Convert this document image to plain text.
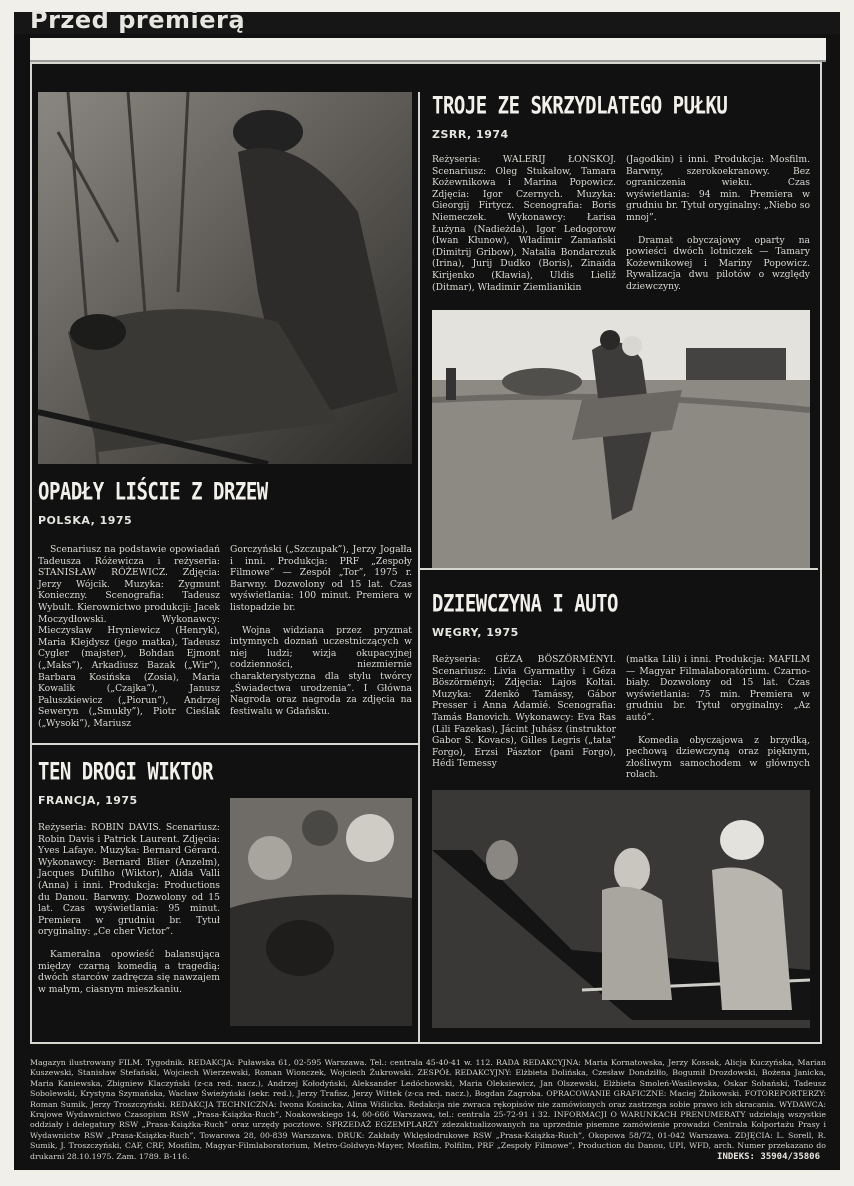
Przed premierą
TROJE ZE SKRZYDLATEGO PUŁKU
ZSRR, 1974

Reżyseria: WALERIJ ŁONSKOJ. Scenariusz: Oleg Stukałow, Tamara Kożewnikowa i Marina Popowicz. Zdjęcia: Igor Czernych. Muzyka: Gieorgij Firtycz. Scenografia: Boris Niemeczek. Wykonawcy: Łarisa Łużyna (Nadieżda), Igor Ledogorow (Iwan Kłunow), Władimir Zamański (Dimitrij Gribow), Natalia Bondarczuk (Irina), Jurij Dudko (Boris), Zinaida Kirijenko (Kławia), Uldis Lieliž (Ditmar), Władimir Ziemlianikin

(Jagodkin) i inni. Produkcja: Mosfilm. Barwny, szerokoekranowy. Bez ograniczenia wieku. Czas wyświetlania: 94 min. Premiera w grudniu br. Tytuł oryginalny: „Niebo so mnoj”.

Dramat obyczajowy oparty na powieści dwóch lotniczek — Tamary Kożewnikowej i Mariny Popowicz. Rywalizacja dwu pilotów o względy dziewczyny.

OPADŁY LIŚCIE Z DRZEW
POLSKA, 1975

Scenariusz na podstawie opowiadań Tadeusza Różewicza i reżyseria: STANISŁAW RÓŻEWICZ. Zdjęcia: Jerzy Wójcik. Muzyka: Zygmunt Konieczny. Scenografia: Tadeusz Wybult. Kierownictwo produkcji: Jacek Moczydłowski. Wykonawcy: Mieczysław Hryniewicz (Henryk), Maria Klejdysz (jego matka), Tadeusz Cygler (majster), Bohdan Ejmont („Maks”), Arkadiusz Bazak („Wir”), Barbara Kosińska (Zosia), Maria Kowalik („Czajka”), Janusz Paluszkiewicz („Piorun”), Andrzej Seweryn („Smukły”), Piotr Cieślak („Wysoki”), Mariusz

Gorczyński („Szczupak”), Jerzy Jogałła i inni. Produkcja: PRF „Zespoły Filmowe” — Zespół „Tor”, 1975 r. Barwny. Dozwolony od 15 lat. Czas wyświetlania: 100 minut. Premiera w listopadzie br.

Wojna widziana przez pryzmat intymnych doznań uczestniczących w niej ludzi; wizja okupacyjnej codzienności, niezmiernie charakterystyczna dla stylu twórcy „Świadectwa urodzenia”. I Główna Nagroda oraz nagroda za zdjęcia na festiwalu w Gdańsku.

DZIEWCZYNA I AUTO
WĘGRY, 1975

Reżyseria: GÉZA BÖSZÖRMÉNYI. Scenariusz: Livia Gyarmathy i Géza Böszörményi; Zdjęcia: Lajos Koltai. Muzyka: Zdenkó Tamássy, Gábor Presser i Anna Adamié. Scenografia: Tamás Banovich. Wykonawcy: Eva Ras (Lili Fazekas), Jácint Juhász (instruktor Gabor S. Kovacs), Gilles Legris („tata” Forgo), Erzsi Pásztor (pani Forgo), Hédi Temessy

(matka Lili) i inni. Produkcja: MAFILM — Magyar Filmalaboratórium. Czarno-biały. Dozwolony od 15 lat. Czas wyświetlania: 75 min. Premiera w grudniu br. Tytuł oryginalny: „Az autó”.

Komedia obyczajowa z brzydką, pechową dziewczyną oraz pięknym, złośliwym samochodem w głównych rolach.

TEN DROGI WIKTOR
FRANCJA, 1975

Reżyseria: ROBIN DAVIS. Scenariusz: Robin Davis i Patrick Laurent. Zdjęcia: Yves Lafaye. Muzyka: Bernard Gérard. Wykonawcy: Bernard Blier (Anzelm), Jacques Dufilho (Wiktor), Alida Valli (Anna) i inni. Produkcja: Productions du Danou. Barwny. Dozwolony od 15 lat. Czas wyświetlania: 95 minut. Premiera w grudniu br. Tytuł oryginalny: „Ce cher Victor”.

Kameralna opowieść balansująca między czarną komedią a tragedią: dwóch starców zadręcza się nawzajem w małym, ciasnym mieszkaniu.

Magazyn ilustrowany FILM. Tygodnik. REDAKCJA: Puławska 61, 02-595 Warszawa. Tel.: centrala 45-40-41 w. 112. RADA REDAKCYJNA: Maria Kornatowska, Jerzy Kossak, Alicja Kuczyńska, Marian Kuszewski, Stanisław Stefański, Wojciech Wierzewski, Roman Wionczek, Wojciech Żukrowski. ZESPÓŁ REDAKCYJNY: Elżbieta Dolińska, Czesław Dondziłło, Bogumił Drozdowski, Bożena Janicka, Maria Kaniewska, Zbigniew Klaczyński (z-ca red. nacz.), Andrzej Kołodyński, Aleksander Ledóchowski, Maria Oleksiewicz, Jan Olszewski, Elżbieta Smoleń-Wasilewska, Oskar Sobański, Tadeusz Sobolewski, Krystyna Szymańska, Wacław Świeżyński (sekr. red.), Jerzy Trafisz, Jerzy Wittek (z-ca red. nacz.), Bogdan Zagroba. OPRACOWANIE GRAFICZNE: Maciej Żbikowski. FOTOREPORTERZY: Roman Sumik, Jerzy Troszczyński. REDAKCJA TECHNICZNA: Iwona Kosiacka, Alina Wiślicka. Redakcja nie zwraca rękopisów nie zamówionych oraz zastrzega sobie prawo ich skracania. WYDAWCA: Krajowe Wydawnictwo Czasopism RSW „Prasa-Książka-Ruch”, Noakowskiego 14, 00-666 Warszawa, tel.: centrala 25-72-91 i 32. INFORMACJI O WARUNKACH PRENUMERATY udzielają wszystkie oddziały i delegatury RSW „Prasa-Książka-Ruch” oraz urzędy pocztowe. SPRZEDAŻ EGZEMPLARZY zdezaktualizowanych na uprzednie pisemne zamówienie prowadzi Centrala Kolportażu Prasy i Wydawnictw RSW „Prasa-Książka-Ruch”, Towarowa 28, 00-839 Warszawa. DRUK: Zakłady Wklęsłodrukowe RSW „Prasa-Książka-Ruch”, Okopowa 58/72, 01-042 Warszawa. ZDJĘCIA: L. Sorell, R. Sumik, J. Troszczyński, CAF, CRF, Mosfilm, Magyar-Filmlaboratorium, Metro-Goldwyn-Mayer, Mosfilm, Polfilm, PRF „Zespoły Filmowe”, Production du Danou, UPI, WFD, arch. Numer przekazano do drukarni 28.10.1975. Zam. 1789. B-116.	INDEKS: 35904/35806
